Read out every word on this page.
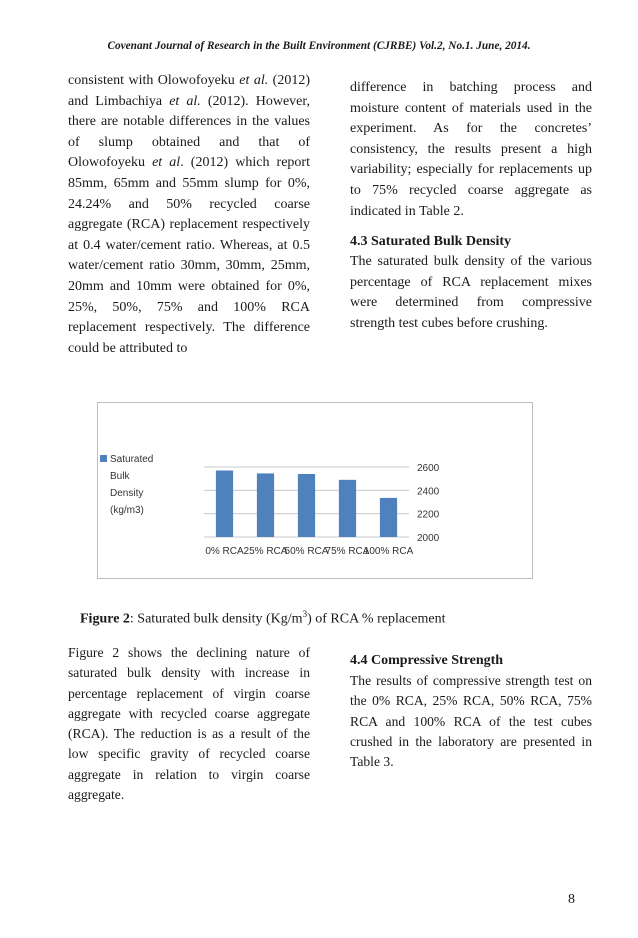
Covenant Journal of Research in the Built Environment (CJRBE) Vol.2, No.1. June, 2014.
consistent with Olowofoyeku et al. (2012) and Limbachiya et al. (2012). However, there are notable differences in the values of slump obtained and that of Olowofoyeku et al. (2012) which report 85mm, 65mm and 55mm slump for 0%, 24.24% and 50% recycled coarse aggregate (RCA) replacement respectively at 0.4 water/cement ratio. Whereas, at 0.5 water/cement ratio 30mm, 30mm, 25mm, 20mm and 10mm were obtained for 0%, 25%, 50%, 75% and 100% RCA replacement respectively. The difference could be attributed to
difference in batching process and moisture content of materials used in the experiment. As for the concretes’ consistency, the results present a high variability; especially for replacements up to 75% recycled coarse aggregate as indicated in Table 2.
4.3 Saturated Bulk Density
The saturated bulk density of the various percentage of RCA replacement mixes were determined from compressive strength test cubes before crushing.
2000
2200
2400
2600
0% RCA 25% RCA
50% RCA
75% RCA
100% RCA
Saturated
Bulk
Density
(kg/m3)
Figure 2: Saturated bulk density $(Kg/m^3)$ of RCA % replacement
Figure 2 shows the declining nature of saturated bulk density with increase in percentage replacement of virgin coarse aggregate with recycled coarse aggregate (RCA). The reduction is as a result of the low specific gravity of recycled coarse aggregate in relation to virgin coarse aggregate.
4.4 Compressive Strength
The results of compressive strength test on the 0% RCA, 25% RCA, 50% RCA, 75% RCA and 100% RCA of the test cubes crushed in the laboratory are presented in Table 3.
8
